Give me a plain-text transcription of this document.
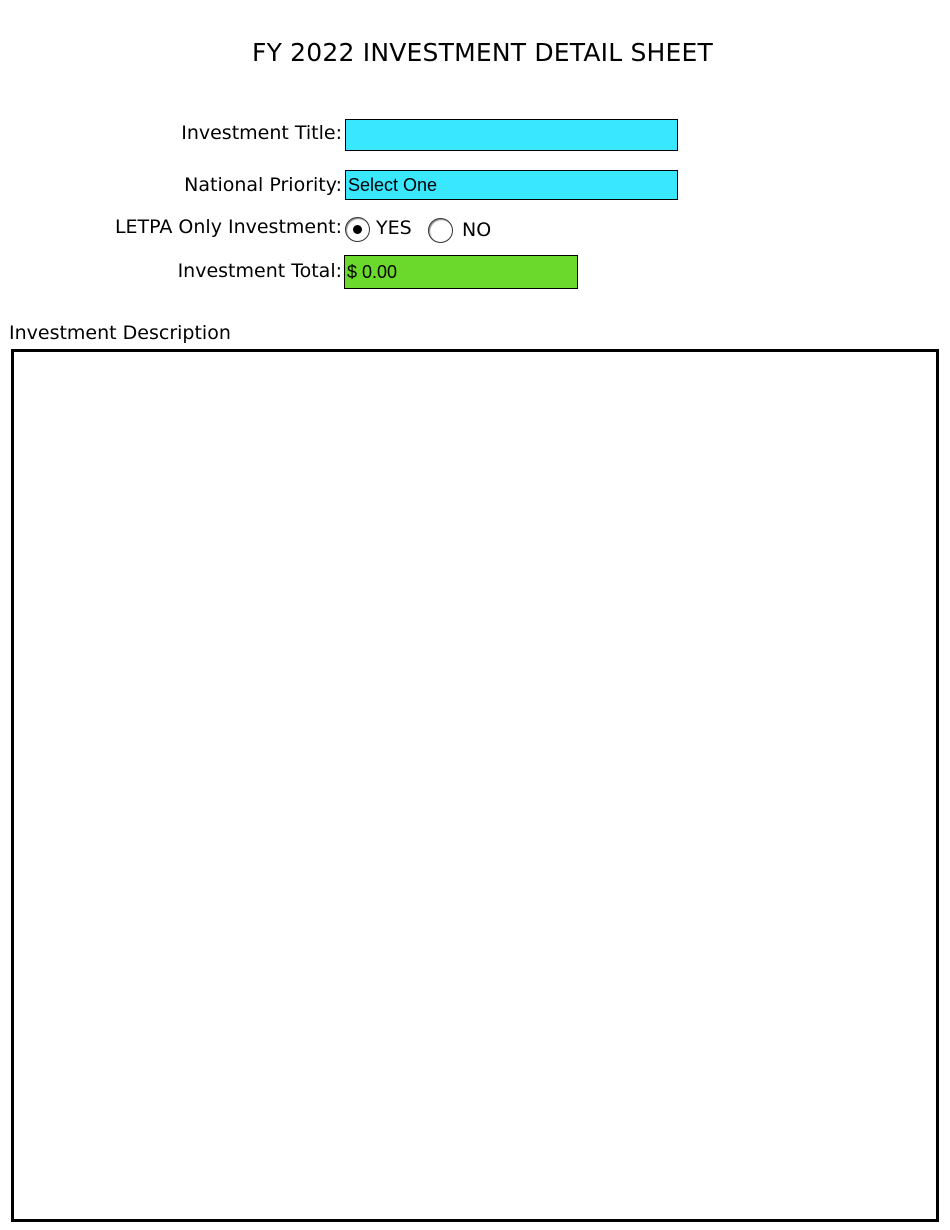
FY 2022 INVESTMENT DETAIL SHEET
Investment Title:
National Priority: Select One
LETPA Only Investment: YES	NO
Investment Total: $ 0.00
Investment Description
